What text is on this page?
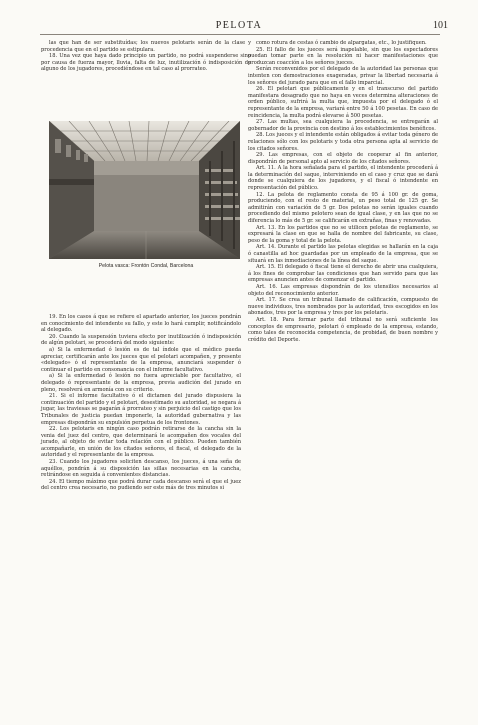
PELOTA	101

las que han de ser substituídas; los nuevos pelotaris serán de la clase y procedencia que en el partido se estipulara.

18. Una vez que haya dado principio un partido, no podrá suspenderse sino por causa de fuerza mayor, lluvia, falta de luz, inutilización ó indisposición de alguno de los jugadores, procediéndose en tal caso al prorrateo.

Pelota vasca: Frontón Condal, Barcelona

como rotura de cestas ó cambio de alpargatas, etc., lo justifiquen.

25. El fallo de los jueces será inapelable, sin que los espectadores puedan tomar parte en la resolución ni hacer manifestaciones que produzcan coacción a los señores jueces.

Serán reconvenidos por el delegado de la autoridad las personas que intenten con demostraciones exageradas, privar la libertad necesaria á los señores del jurado para que en el fallo imparcial.

26. El pelotari que públicamente y en el transcurso del partido manifestara desagrado que no haya en veces determina alteraciones de orden público, sufrirá la multa que, impuesta por el delegado ó el representante de la empresa, variará entre 50 á 100 pesetas. En caso de reincidencia, la multa podrá elevarse á 500 pesetas.

27. Las multas, sea cualquiera la procedencia, se entregarán al gobernador de la provincia con destino á los establecimientos benéficos.

28. Los jueces y el intendente están obligados á evitar toda género de relaciones sólo con los pelotaris y toda otra persona apta al servicio de los citados señores.

29. Las empresas, con el objeto de cooperar al fin anterior, dispondrán de personal apto al servicio de los citados señores.

Art. 11. A la hora señalada para el partido, el intendente procederá á la determinación del saque, interviniendo en el caso y cruz que se dará donde se cualquiera de los jugadores, y el fiscal ó intendente en representación del público.

12. La pelota de reglamento consta de 95 á 100 gr. de goma, produciendo, con el resto de material, un peso total de 125 gr. Se admitirán con variación de 5 gr. Dos pelotas no serán iguales cuando procediendo del mismo pelotero sean de igual clase, y en las que no se diferencia lo más de 5 gr. se calificarán en extrañas, finas y renovadas.

Art. 13. En los partidos que no se utilicen pelotas de reglamento, se expresará la clase en que se halla de nombre del fabricante, su clase, peso de la goma y total de la pelota.

Art. 14. Durante el partido las pelotas elegidas se hallarán en la caja ó canastilla ad hoc guardadas por un empleado de la empresa, que se situará en las inmediaciones de la línea del saque.

Art. 15. El delegado ó fiscal tiene el derecho de abrir una cualquiera, á los fines de comprobar las condiciones que han servido para que las empresas anuncien antes de comenzar el partido.

Art. 16. Las empresas dispondrán de los utensilios necesarios al objeto del reconocimiento anterior.

Art. 17. Se crea un tribunal llamado de calificación, compuesto de nueve individuos, tres nombrados por la autoridad, tres escogidos en los abonados, tres por la empresa y tres por los pelotaris.

Art. 18. Para formar parte del tribunal no será suficiente los conceptos de empresario, pelotari ó empleado de la empresa, estando, como tales de reconocida competencia, de probidad, de buen nombre y crédito del Deporte.

19. En los casos á que se refiere el apartado anterior, los jueces pondrán en conocimiento del intendente su fallo, y este lo hará cumplir, notificándolo al delegado.

20. Cuando la suspensión tuviera efecto por inutilización ó indisposición de algún pelotari, se procederá del modo siguiente:

a) Si la enfermedad ó lesión es de tal índole que el médico pueda apreciar, certificarán ante los jueces que el pelotari acompañen, y presente «delegado» ó el representante de la empresa, anunciará suspender ó continuar el partido en consonancia con el informe facultativo.

a) Si la enfermedad ó lesión no fuera apreciable por facultativo, el delegado ó representante de la empresa, previa audición del jurado en pleno, resolverá en armonía con su criterio.

21. Si el informe facultativo ó el dictamen del jurado dispusiera la continuación del partido y el pelotari, desestimado su autoridad, se negara á jugar, las traviesas se pagarán á prorrateo y sin perjuicio del castigo que los Tribunales de justicia puedan imponerle, la autoridad gubernativa y las empresas dispondrán su expulsión perpetua de los frontones.

22. Los pelotaris en ningún caso podrán retirarse de la cancha sin la venia del juez del centro, que determinará le acompañen dos vocales del jurado, al objeto de evitar toda relación con el público. Pueden también acompañarle, en unión de los citados señores, el fiscal, el delegado de la autoridad y el representante de la empresa.

23. Cuando los jugadores soliciten descanso, los jueces, á una seña de aquéllos, pondrán á su disposición las sillas necesarias en la cancha, retirándose en seguida á convenientes distancias.

24. El tiempo máximo que podrá durar cada descanso será el que el juez del centro crea necesario, no pudiendo ser este más de tres minutos si
